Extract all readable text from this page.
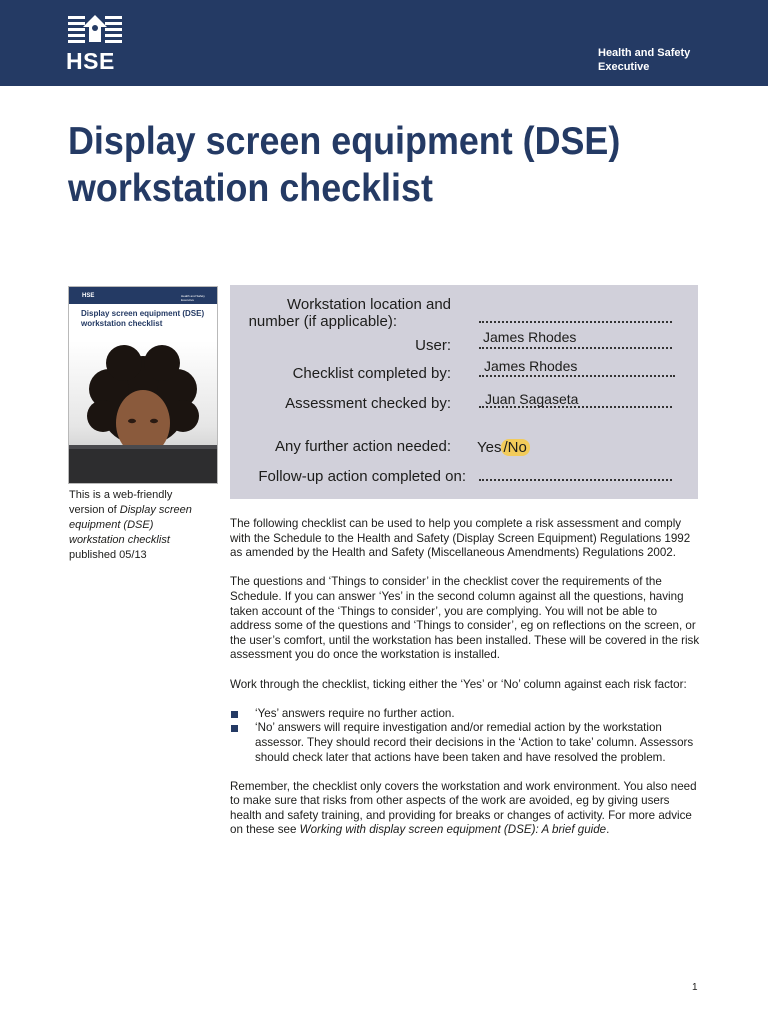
HSE	Health and Safety
Executive
Display screen equipment (DSE)
workstation checklist
HSE	Health and Safety Executive
Display screen equipment (DSE)
workstation checklist
This is a web-friendly version of Display screen equipment (DSE) workstation checklist published 05/13
Workstation location and
number (if applicable):
User: James Rhodes
Checklist completed by: James Rhodes
Assessment checked by: Juan Sagaseta
Any further action needed: Yes /No
Follow-up action completed on:

The following checklist can be used to help you complete a risk assessment and comply with the Schedule to the Health and Safety (Display Screen Equipment) Regulations 1992 as amended by the Health and Safety (Miscellaneous Amendments) Regulations 2002.

The questions and ‘Things to consider’ in the checklist cover the requirements of the Schedule. If you can answer ‘Yes’ in the second column against all the questions, having taken account of the ‘Things to consider’, you are complying. You will not be able to address some of the questions and ‘Things to consider’, eg on reflections on the screen, or the user’s comfort, until the workstation has been installed. These will be covered in the risk assessment you do once the workstation is installed.

Work through the checklist, ticking either the ‘Yes’ or ‘No’ column against each risk factor:

‘Yes’ answers require no further action.
‘No’ answers will require investigation and/or remedial action by the workstation assessor. They should record their decisions in the ‘Action to take’ column. Assessors should check later that actions have been taken and have resolved the problem.

Remember, the checklist only covers the workstation and work environment. You also need to make sure that risks from other aspects of the work are avoided, eg by giving users health and safety training, and providing for breaks or changes of activity. For more advice on these see Working with display screen equipment (DSE): A brief guide.

1
